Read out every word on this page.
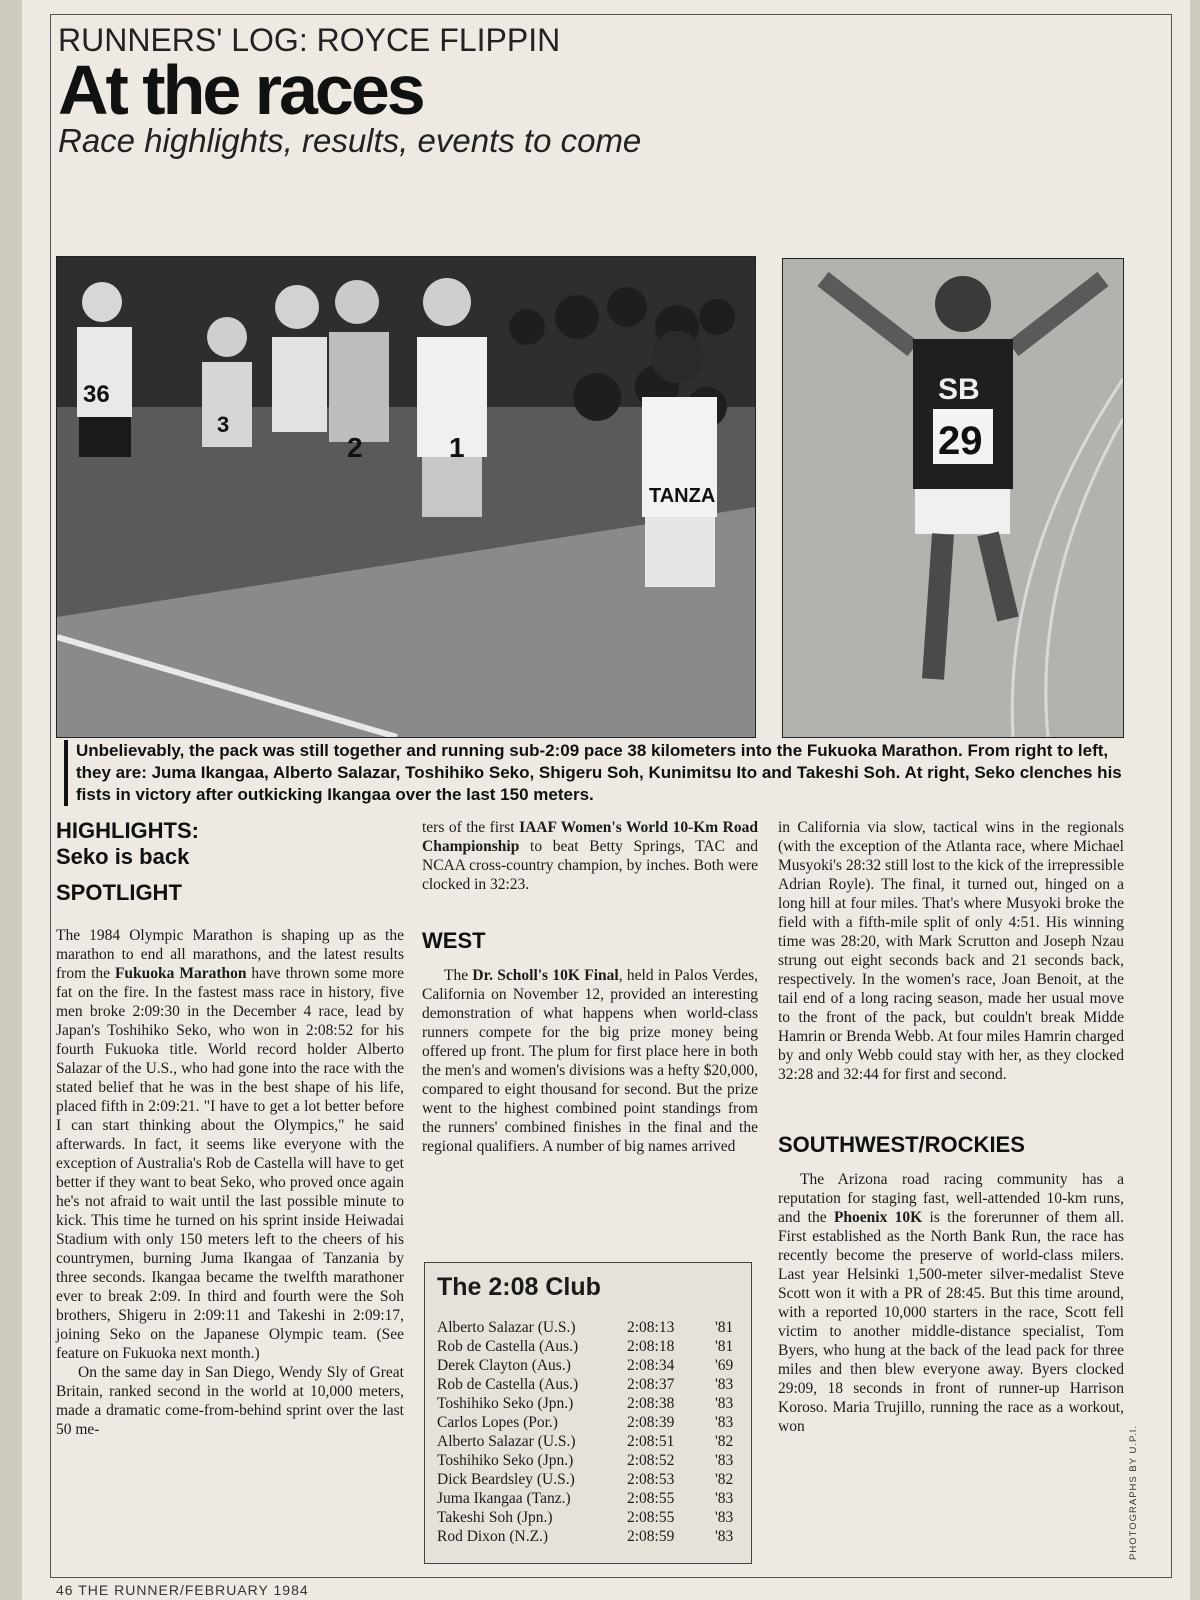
RUNNERS' LOG: ROYCE FLIPPIN
At the races
Race highlights, results, events to come
36
3
2	1
TANZA
SB
29
Unbelievably, the pack was still together and running sub-2:09 pace 38 kilometers into the Fukuoka Marathon. From right to left, they are: Juma Ikangaa, Alberto Salazar, Toshihiko Seko, Shigeru Soh, Kunimitsu Ito and Takeshi Soh. At right, Seko clenches his fists in victory after outkicking Ikangaa over the last 150 meters.
HIGHLIGHTS: Seko is back
SPOTLIGHT

The 1984 Olympic Marathon is shaping up as the marathon to end all marathons, and the latest results from the Fukuoka Marathon have thrown some more fat on the fire. In the fastest mass race in history, five men broke 2:09:30 in the December 4 race, lead by Japan's Toshihiko Seko, who won in 2:08:52 for his fourth Fukuoka title. World record holder Alberto Salazar of the U.S., who had gone into the race with the stated belief that he was in the best shape of his life, placed fifth in 2:09:21. "I have to get a lot better before I can start thinking about the Olympics," he said afterwards. In fact, it seems like everyone with the exception of Australia's Rob de Castella will have to get better if they want to beat Seko, who proved once again he's not afraid to wait until the last possible minute to kick. This time he turned on his sprint inside Heiwadai Stadium with only 150 meters left to the cheers of his countrymen, burning Juma Ikangaa of Tanzania by three seconds. Ikangaa became the twelfth marathoner ever to break 2:09. In third and fourth were the Soh brothers, Shigeru in 2:09:11 and Takeshi in 2:09:17, joining Seko on the Japanese Olympic team. (See feature on Fukuoka next month.)

On the same day in San Diego, Wendy Sly of Great Britain, ranked second in the world at 10,000 meters, made a dramatic come-from-behind sprint over the last 50 me-

ters of the first IAAF Women's World 10-Km Road Championship to beat Betty Springs, TAC and NCAA cross-country champion, by inches. Both were clocked in 32:23.

WEST

The Dr. Scholl's 10K Final, held in Palos Verdes, California on November 12, provided an interesting demonstration of what happens when world-class runners compete for the big prize money being offered up front. The plum for first place here in both the men's and women's divisions was a hefty $20,000, compared to eight thousand for second. But the prize went to the highest combined point standings from the runners' combined finishes in the final and the regional qualifiers. A number of big names arrived

The 2:08 Club
Alberto Salazar (U.S.)	2:08:13	'81
Rob de Castella (Aus.)	2:08:18	'81
Derek Clayton (Aus.)	2:08:34	'69
Rob de Castella (Aus.)	2:08:37	'83
Toshihiko Seko (Jpn.)	2:08:38	'83
Carlos Lopes (Por.)	2:08:39	'83
Alberto Salazar (U.S.)	2:08:51	'82
Toshihiko Seko (Jpn.)	2:08:52	'83
Dick Beardsley (U.S.)	2:08:53	'82
Juma Ikangaa (Tanz.)	2:08:55	'83
Takeshi Soh (Jpn.)	2:08:55	'83
Rod Dixon (N.Z.)	2:08:59	'83

in California via slow, tactical wins in the regionals (with the exception of the Atlanta race, where Michael Musyoki's 28:32 still lost to the kick of the irrepressible Adrian Royle). The final, it turned out, hinged on a long hill at four miles. That's where Musyoki broke the field with a fifth-mile split of only 4:51. His winning time was 28:20, with Mark Scrutton and Joseph Nzau strung out eight seconds back and 21 seconds back, respectively. In the women's race, Joan Benoit, at the tail end of a long racing season, made her usual move to the front of the pack, but couldn't break Midde Hamrin or Brenda Webb. At four miles Hamrin charged by and only Webb could stay with her, as they clocked 32:28 and 32:44 for first and second.

SOUTHWEST/ROCKIES

The Arizona road racing community has a reputation for staging fast, well-attended 10-km runs, and the Phoenix 10K is the forerunner of them all. First established as the North Bank Run, the race has recently become the preserve of world-class milers. Last year Helsinki 1,500-meter silver-medalist Steve Scott won it with a PR of 28:45. But this time around, with a reported 10,000 starters in the race, Scott fell victim to another middle-distance specialist, Tom Byers, who hung at the back of the lead pack for three miles and then blew everyone away. Byers clocked 29:09, 18 seconds in front of runner-up Harrison Koroso. Maria Trujillo, running the race as a workout, won	PHOTOGRAPHS BY U.P.I.
46 THE RUNNER/FEBRUARY 1984
